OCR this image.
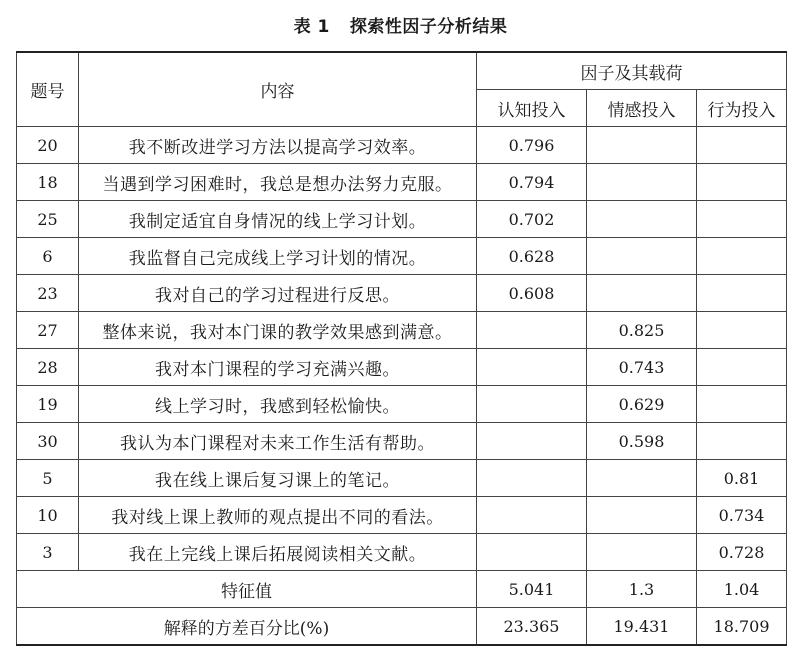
表 1 探索性因子分析结果
题号	内容	因子及其载荷		
		认知投入	情感投入	行为投入
20	我不断改进学习方法以提高学习效率。	0.796		
18	当遇到学习困难时，我总是想办法努力克服。	0.794		
25	我制定适宜自身情况的线上学习计划。	0.702		
6	我监督自己完成线上学习计划的情况。	0.628		
23	我对自己的学习过程进行反思。	0.608		
27	整体来说，我对本门课的教学效果感到满意。		0.825	
28	我对本门课程的学习充满兴趣。		0.743	
19	线上学习时，我感到轻松愉快。		0.629	
30	我认为本门课程对未来工作生活有帮助。		0.598	
5	我在线上课后复习课上的笔记。			0.81
10	我对线上课上教师的观点提出不同的看法。			0.734
3	我在上完线上课后拓展阅读相关文献。			0.728
特征值		5.041	1.3	1.04
解释的方差百分比(%)		23.365	19.431	18.709
